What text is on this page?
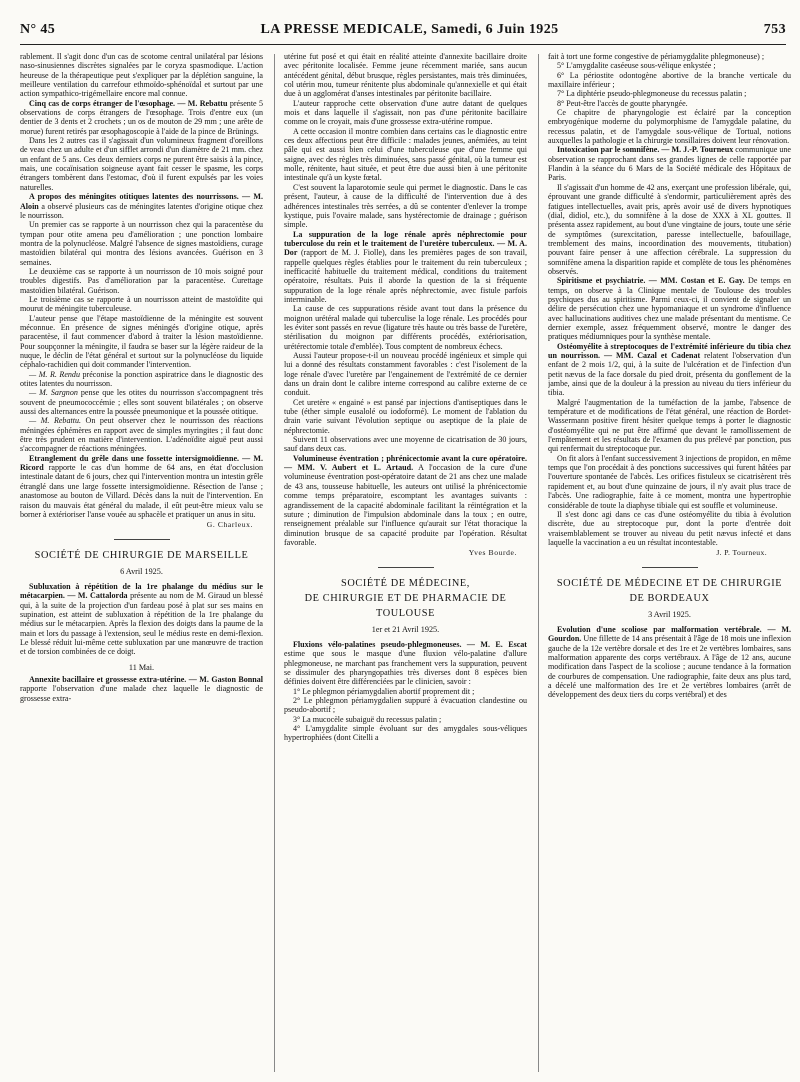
N° 45	LA PRESSE MEDICALE, Samedi, 6 Juin 1925	753

rablement. Il s'agit donc d'un cas de scotome central unilatéral par lésions naso-sinusiennes discrètes signalées par le coryza spasmodique. L'action heureuse de la thérapeutique peut s'expliquer par la déplétion sanguine, la meilleure ventilation du carrefour ethmoïdo-sphénoïdal et surtout par une action sympathico-trigémellaire encore mal connue.

Cinq cas de corps étranger de l'œsophage. — M. Rebattu présente 5 observations de corps étrangers de l'œsophage. Trois d'entre eux (un dentier de 3 dents et 2 crochets ; un os de mouton de 29 mm ; une arête de morue) furent retirés par œsophagoscopie à l'aide de la pince de Brünings.

Dans les 2 autres cas il s'agissait d'un volumineux fragment d'oreillons de veau chez un adulte et d'un sifflet arrondi d'un diamètre de 21 mm. chez un enfant de 5 ans. Ces deux derniers corps ne purent être saisis à la pince, mais, une cocaïnisation soigneuse ayant fait cesser le spasme, les corps étrangers tombèrent dans l'estomac, d'où il furent expulsés par les voies naturelles.

A propos des méningites otitiques latentes des nourrissons. — M. Aloin a observé plusieurs cas de méningites latentes d'origine otique chez le nourrisson.

Un premier cas se rapporte à un nourrisson chez qui la paracentèse du tympan pour otite amena peu d'amélioration ; une ponction lombaire montra de la polynucléose. Malgré l'absence de signes mastoïdiens, curage mastoïdien bilatéral qui montra des lésions avancées. Guérison en 3 semaines.

Le deuxième cas se rapporte à un nourrisson de 10 mois soigné pour troubles digestifs. Pas d'amélioration par la paracentèse. Curettage mastoïdien bilatéral. Guérison.

Le troisième cas se rapporte à un nourrisson atteint de mastoïdite qui mourut de méningite tuberculeuse.

L'auteur pense que l'étape mastoïdienne de la méningite est souvent méconnue. En présence de signes méningés d'origine otique, après paracentèse, il faut commencer d'abord à traiter la lésion mastoïdienne. Pour soupçonner la méningite, il faudra se baser sur la légère raideur de la nuque, le déclin de l'état général et surtout sur la polynucléose du liquide céphalo-rachidien qui doit commander l'intervention.

— M. R. Rendu préconise la ponction aspiratrice dans le diagnostic des otites latentes du nourrisson.

— M. Sargnon pense que les otites du nourrisson s'accompagnent très souvent de pneumococcémie ; elles sont souvent bilatérales ; on observe aussi des alternances entre la poussée pneumonique et la poussée otitique.

— M. Rebattu. On peut observer chez le nourrisson des réactions méningées éphémères en rapport avec de simples myringites ; il faut donc être très prudent en matière d'intervention. L'adénoïdite aiguë peut aussi s'accompagner de réactions méningées.

Etranglement du grêle dans une fossette intersigmoïdienne. — M. Ricord rapporte le cas d'un homme de 64 ans, en état d'occlusion intestinale datant de 6 jours, chez qui l'intervention montra un intestin grêle étranglé dans une large fossette intersigmoïdienne. Résection de l'anse ; anastomose au bouton de Villard. Décès dans la nuit de l'intervention. En raison du mauvais état général du malade, il eût peut-être mieux valu se borner à extérioriser l'anse vouée au sphacèle et pratiquer un anus in situ.

G. Charleux.
SOCIÉTÉ DE CHIRURGIE DE MARSEILLE
6 Avril 1925.

Subluxation à répétition de la 1re phalange du médius sur le métacarpien. — M. Cattalorda présente au nom de M. Giraud un blessé qui, à la suite de la projection d'un fardeau posé à plat sur ses mains en supination, est atteint de subluxation à répétition de la 1re phalange du médius sur le métacarpien. Après la flexion des doigts dans la paume de la main et lors du passage à l'extension, seul le médius reste en demi-flexion. Le blessé réduit lui-même cette subluxation par une manœuvre de traction et de torsion combinées de ce doigt.

11 Mai.

Annexite bacillaire et grossesse extra-utérine. — M. Gaston Bonnal rapporte l'observation d'une malade chez laquelle le diagnostic de grossesse extra-

utérine fut posé et qui était en réalité atteinte d'annexite bacillaire droite avec péritonite localisée. Femme jeune récemment mariée, sans aucun antécédent génital, début brusque, règles persistantes, mais très diminuées, col utérin mou, tumeur rénitente plus abdominale qu'annexielle et qui était due à un agglomérat d'anses intestinales par péritonite bacillaire.

L'auteur rapproche cette observation d'une autre datant de quelques mois et dans laquelle il s'agissait, non pas d'une péritonite bacillaire comme on le croyait, mais d'une grossesse extra-utérine rompue.

A cette occasion il montre combien dans certains cas le diagnostic entre ces deux affections peut être difficile : malades jeunes, anémiées, au teint pâle qui est aussi bien celui d'une tuberculeuse que d'une femme qui saigne, avec des règles très diminuées, sans passé génital, où la tumeur est molle, rénitente, haut située, et peut être due aussi bien à une péritonite intestinale qu'à un kyste fœtal.

C'est souvent la laparotomie seule qui permet le diagnostic. Dans le cas présent, l'auteur, à cause de la difficulté de l'intervention due à des adhérences intestinales très serrées, a dû se contenter d'enlever la trompe kystique, puis l'ovaire malade, sans hystérectomie de drainage ; guérison simple.

La suppuration de la loge rénale après néphrectomie pour tuberculose du rein et le traitement de l'uretère tuberculeux. — M. A. Dor (rapport de M. J. Fiolle), dans les premières pages de son travail, rappelle quelques règles établies pour le traitement du rein tuberculeux ; inefficacité habituelle du traitement médical, conditions du traitement opératoire, résultats. Puis il aborde la question de la si fréquente suppuration de la loge rénale après néphrectomie, avec fistule parfois interminable.

La cause de ces suppurations réside avant tout dans la présence du moignon urétéral malade qui tuberculise la loge rénale. Les procédés pour les éviter sont passés en revue (ligature très haute ou très basse de l'uretère, stérilisation du moignon par différents procédés, extériorisation, urétérectomie totale d'emblée). Tous comptent de nombreux échecs.

Aussi l'auteur propose-t-il un nouveau procédé ingénieux et simple qui lui a donné des résultats constamment favorables : c'est l'isolement de la loge rénale d'avec l'uretère par l'engainement de l'extrémité de ce dernier dans un drain dont le calibre interne correspond au calibre externe de ce conduit.

Cet uretère « engainé » est pansé par injections d'antiseptiques dans le tube (éther simple eusalolé ou iodoformé). Le moment de l'ablation du drain varie suivant l'évolution septique ou aseptique de la plaie de néphrectomie.

Suivent 11 observations avec une moyenne de cicatrisation de 30 jours, sauf dans deux cas.

Volumineuse éventration ; phrénicectomie avant la cure opératoire. — MM. V. Aubert et L. Artaud. A l'occasion de la cure d'une volumineuse éventration post-opératoire datant de 21 ans chez une malade de 43 ans, tousseuse habituelle, les auteurs ont utilisé la phrénicectomie comme temps préparatoire, escomptant les avantages suivants : agrandissement de la capacité abdominale facilitant la réintégration et la suture ; diminution de l'impulsion abdominale dans la toux ; en outre, renseignement préalable sur l'influence qu'aurait sur l'état thoracique la diminution brusque de sa capacité produite par l'opération. Résultat favorable.

Yves Bourde.
SOCIÉTÉ DE MÉDECINE,
DE CHIRURGIE ET DE PHARMACIE DE TOULOUSE
1er et 21 Avril 1925.

Fluxions vélo-palatines pseudo-phlegmoneuses. — M. E. Escat estime que sous le masque d'une fluxion vélo-palatine d'allure phlegmoneuse, ne marchant pas franchement vers la suppuration, peuvent se dissimuler des pharyngopathies très diverses dont 8 espèces bien définies doivent être différenciées par le clinicien, savoir :

1° Le phlegmon périamygdalien abortif proprement dit ;

2° Le phlegmon périamygdalien suppuré à évacuation clandestine ou pseudo-abortif ;

3° La mucocèle subaiguë du recessus palatin ;

4° L'amygdalite simple évoluant sur des amygdales sous-véliques hypertrophiées (dont Citelli a

fait à tort une forme congestive de périamygdalite phlegmoneuse) ;

5° L'amygdalite caséeuse sous-vélique enkystée ;

6° La périostite odontogène abortive de la branche verticale du maxillaire inférieur ;

7° La diphtérie pseudo-phlegmoneuse du recessus palatin ;

8° Peut-être l'accès de goutte pharyngée.

Ce chapitre de pharyngologie est éclairé par la conception embryogénique moderne du polymorphisme de l'amygdale palatine, du recessus palatin, et de l'amygdale sous-vélique de Tortual, notions auxquelles la pathologie et la chirurgie tonsillaires doivent leur rénovation.

Intoxication par le somnifène. — M. J.-P. Tourneux communique une observation se rapprochant dans ses grandes lignes de celle rapportée par Flandin à la séance du 6 Mars de la Société médicale des Hôpitaux de Paris.

Il s'agissait d'un homme de 42 ans, exerçant une profession libérale, qui, éprouvant une grande difficulté à s'endormir, particulièrement après des fatigues intellectuelles, avait pris, après avoir usé de divers hypnotiques (dial, didiol, etc.), du somnifène à la dose de XXX à XL gouttes. Il présenta assez rapidement, au bout d'une vingtaine de jours, toute une série de symptômes (surexcitation, paresse intellectuelle, bafouillage, tremblement des mains, incoordination des mouvements, titubation) pouvant faire penser à une affection cérébrale. La suppression du somnifène amena la disparition rapide et complète de tous les phénomènes observés.

Spiritisme et psychiatrie. — MM. Costan et E. Gay. De temps en temps, on observe à la Clinique mentale de Toulouse des troubles psychiques dus au spiritisme. Parmi ceux-ci, il convient de signaler un délire de persécution chez une hypomaniaque et un syndrome d'influence avec hallucinations auditives chez une malade présentant du mentisme. Ce dernier exemple, assez fréquemment observé, montre le danger des pratiques médiumniques pour la synthèse mentale.

Ostéomyélite à streptocoques de l'extrémité inférieure du tibia chez un nourrisson. — MM. Cazal et Cadenat relatent l'observation d'un enfant de 2 mois 1/2, qui, à la suite de l'ulcération et de l'infection d'un petit nævus de la face dorsale du pied droit, présenta du gonflement de la jambe, ainsi que de la douleur à la pression au niveau du tiers inférieur du tibia.

Malgré l'augmentation de la tuméfaction de la jambe, l'absence de température et de modifications de l'état général, une réaction de Bordet-Wassermann positive firent hésiter quelque temps à porter le diagnostic d'ostéomyélite qui ne put être affirmé que devant le ramollissement de l'empâtement et les résultats de l'examen du pus prélevé par ponction, pus qui renfermait du streptocoque pur.

On fit alors à l'enfant successivement 3 injections de propidon, en même temps que l'on procédait à des ponctions successives qui furent hâtées par l'ouverture spontanée de l'abcès. Les orifices fistuleux se cicatrisèrent très rapidement et, au bout d'une quinzaine de jours, il n'y avait plus trace de l'abcès. Une radiographie, faite à ce moment, montra une hypertrophie considérable de toute la diaphyse tibiale qui est souffle et volumineuse.

Il s'est donc agi dans ce cas d'une ostéomyélite du tibia à évolution discrète, due au streptocoque pur, dont la porte d'entrée doit vraisemblablement se trouver au niveau du petit nævus infecté et dans laquelle la vaccination a eu un résultat incontestable.

J. P. Tourneux.
SOCIÉTÉ DE MÉDECINE ET DE CHIRURGIE
DE BORDEAUX
3 Avril 1925.

Evolution d'une scoliose par malformation vertébrale. — M. Gourdon. Une fillette de 14 ans présentait à l'âge de 18 mois une inflexion gauche de la 12e vertèbre dorsale et des 1re et 2e vertèbres lombaires, sans malformation apparente des corps vertébraux. A l'âge de 12 ans, aucune modification dans l'aspect de la scoliose ; aucune tendance à la formation de courbures de compensation. Une radiographie, faite deux ans plus tard, a décelé une malformation des 1re et 2e vertèbres lombaires (arrêt de développement des deux tiers du corps vertébral) et des
